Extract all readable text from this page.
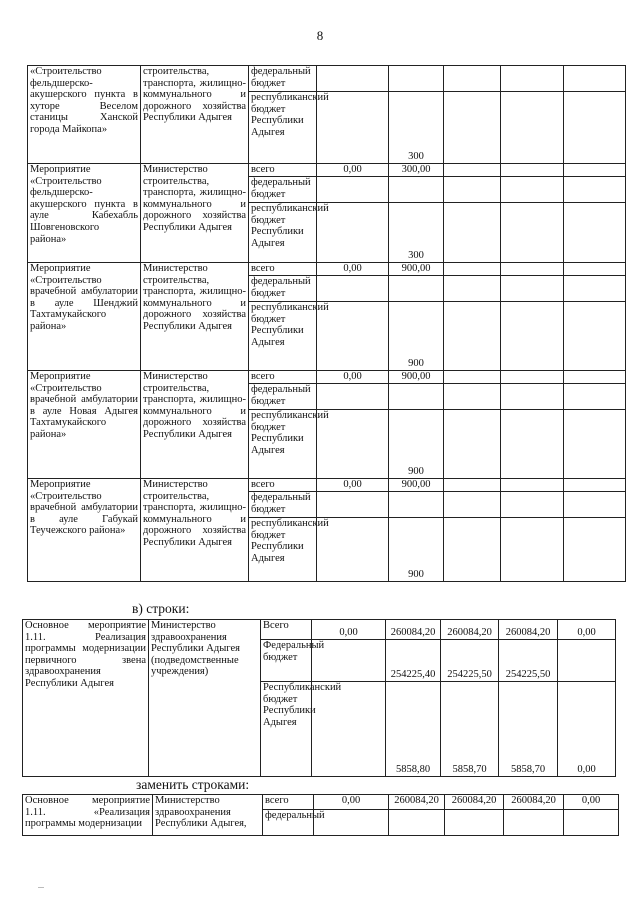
8
«Строительство фельдшерско-акушерского пункта в хуторе Веселом станицы Ханской города Майкопа»	строительства, транспорта, жилищно-коммунального и дорожного хозяйства Республики Адыгея	федеральный бюджет					
		республиканский бюджет Республики Адыгея		300			
Мероприятие «Строительство фельдшерско-акушерского пункта в ауле Кабехабль Шовгеновского района»	Министерство строительства, транспорта, жилищно-коммунального и дорожного хозяйства Республики Адыгея	всего	0,00	300,00			
		федеральный бюджет					
		республиканский бюджет Республики Адыгея		300			
Мероприятие «Строительство врачебной амбулатории в ауле Шенджий Тахтамукайского района»	Министерство строительства, транспорта, жилищно-коммунального и дорожного хозяйства Республики Адыгея	всего	0,00	900,00			
		федеральный бюджет					
		республиканский бюджет Республики Адыгея		900			
Мероприятие «Строительство врачебной амбулатории в ауле Новая Адыгея Тахтамукайского района»	Министерство строительства, транспорта, жилищно-коммунального и дорожного хозяйства Республики Адыгея	всего	0,00	900,00			
		федеральный бюджет					
		республиканский бюджет Республики Адыгея		900			
Мероприятие «Строительство врачебной амбулатории в ауле Габукай Теучежского района»	Министерство строительства, транспорта, жилищно-коммунального и дорожного хозяйства Республики Адыгея	всего	0,00	900,00			
		федеральный бюджет					
		республиканский бюджет Республики Адыгея		900			
в) строки:
Основное мероприятие 1.11. Реализация программы модернизации первичного звена здравоохранения Республики Адыгея	Министерство здравоохранения Республики Адыгея (подведомственные учреждения)	Всего	0,00	260084,20	260084,20	260084,20	0,00
		Федеральный бюджет		254225,40	254225,50	254225,50	
		Республиканский бюджет Республики Адыгея		5858,80	5858,70	5858,70	0,00
заменить строками:
Основное мероприятие 1.11. «Реализация программы модернизации	Министерство здравоохранения Республики Адыгея,	всего	0,00	260084,20	260084,20	260084,20	0,00
		федеральный					
